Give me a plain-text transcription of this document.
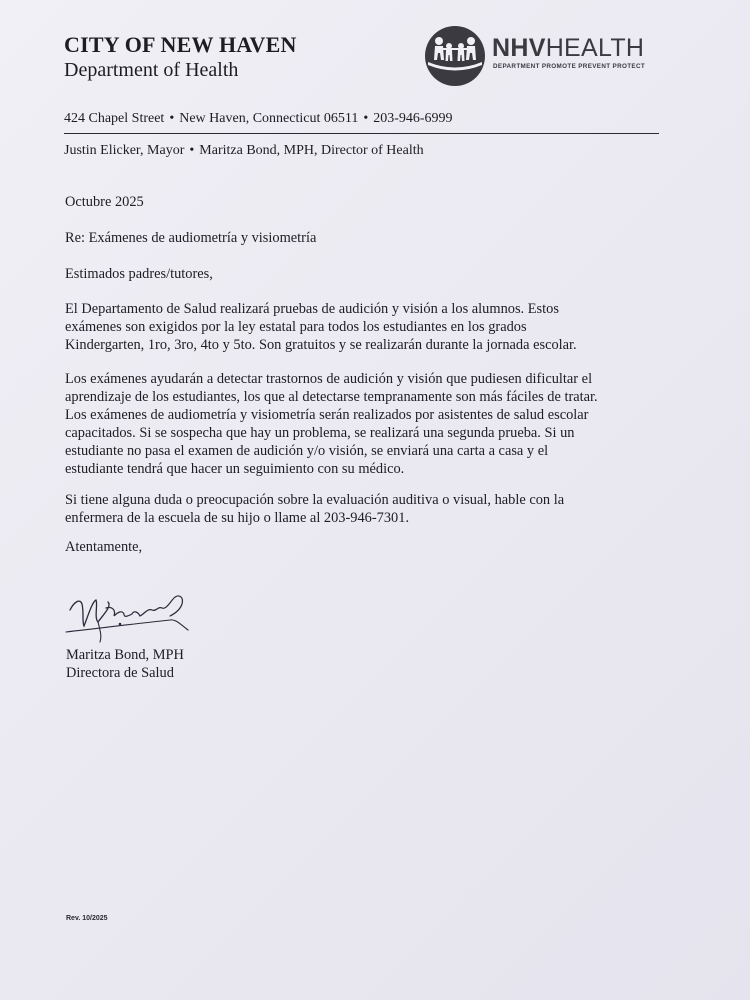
CITY OF NEW HAVEN
Department of Health
NHVHEALTH
DEPARTMENT PROMOTE PREVENT PROTECT
424 Chapel Street • New Haven, Connecticut 06511 • 203-946-6999
Justin Elicker, Mayor • Maritza Bond, MPH, Director of Health

Octubre 2025

Re: Exámenes de audiometría y visiometría

Estimados padres/tutores,

El Departamento de Salud realizará pruebas de audición y visión a los alumnos. Estos
exámenes son exigidos por la ley estatal para todos los estudiantes en los grados
Kindergarten, 1ro, 3ro, 4to y 5to. Son gratuitos y se realizarán durante la jornada escolar.

Los exámenes ayudarán a detectar trastornos de audición y visión que pudiesen dificultar el
aprendizaje de los estudiantes, los que al detectarse tempranamente son más fáciles de tratar.
Los exámenes de audiometría y visiometría serán realizados por asistentes de salud escolar
capacitados. Si se sospecha que hay un problema, se realizará una segunda prueba. Si un
estudiante no pasa el examen de audición y/o visión, se enviará una carta a casa y el
estudiante tendrá que hacer un seguimiento con su médico.

Si tiene alguna duda o preocupación sobre la evaluación auditiva o visual, hable con la
enfermera de la escuela de su hijo o llame al 203-946-7301.

Atentamente,

Maritza Bond, MPH
Directora de Salud
Rev. 10/2025
